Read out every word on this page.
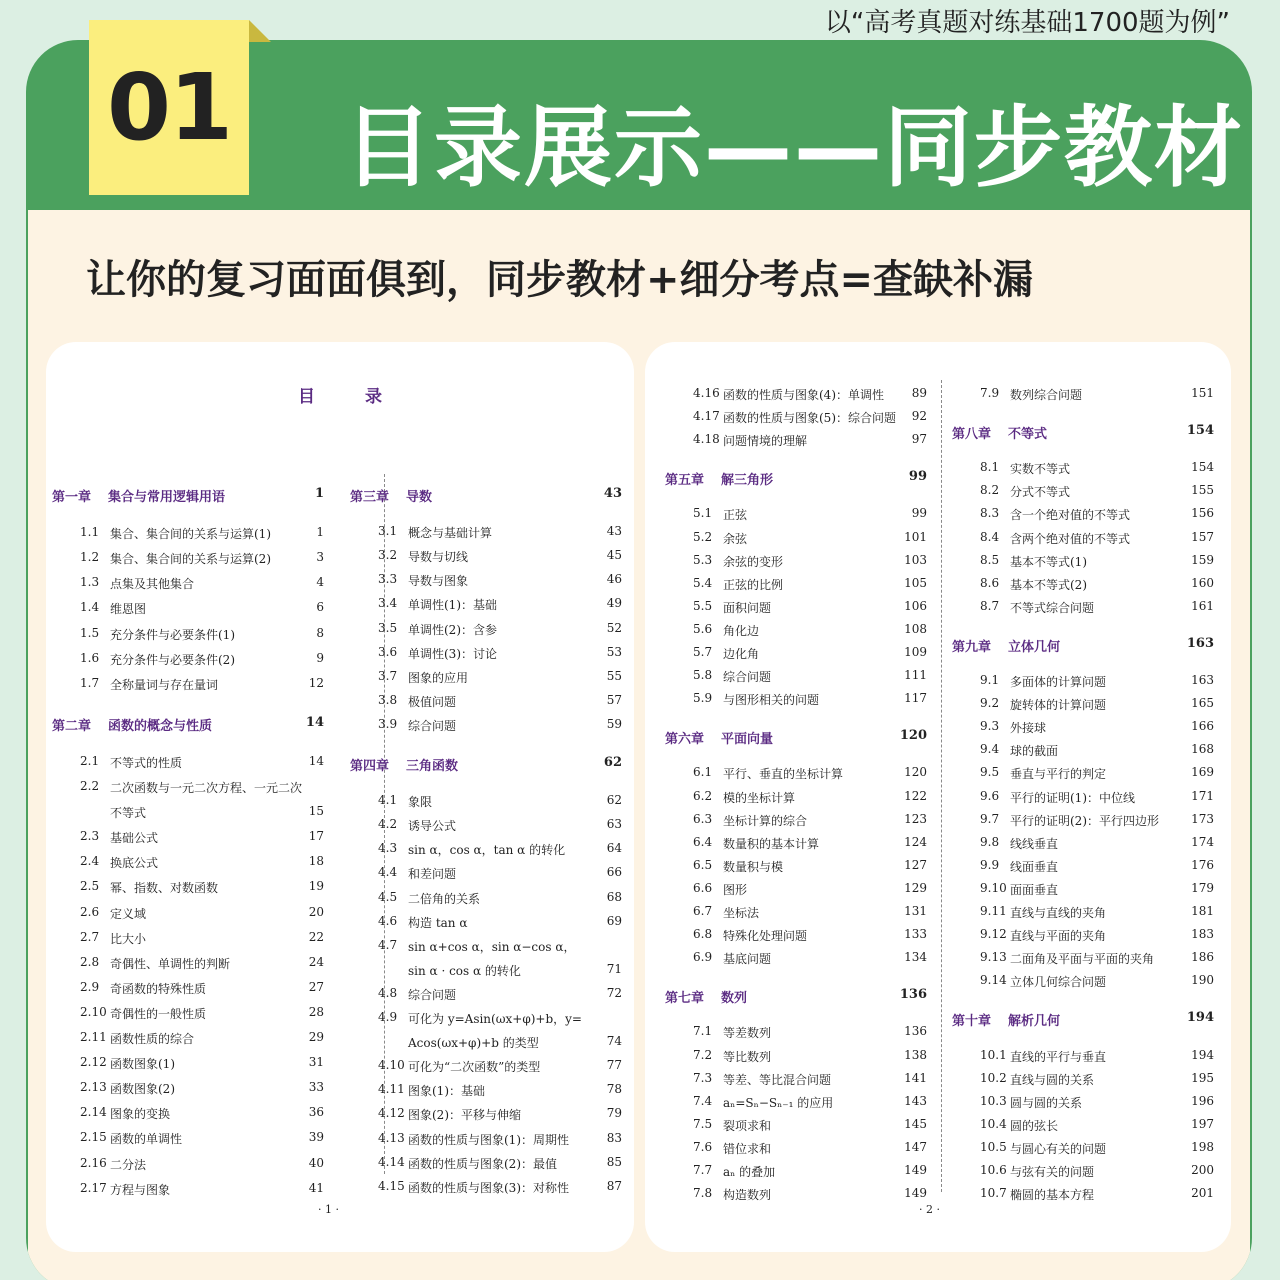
以“高考真题对练基础1700题为例”
01 目录展示——同步教材
让你的复习面面俱到，同步教材+细分考点=查缺补漏
目 录
第一章 集合与常用逻辑用语	1
1.1 集合、集合间的关系与运算(1)	1
1.2 集合、集合间的关系与运算(2)	3
1.3 点集及其他集合	4
1.4 维恩图	6
1.5 充分条件与必要条件(1)	8
1.6 充分条件与必要条件(2)	9
1.7 全称量词与存在量词	12
第二章 函数的概念与性质	14
2.1 不等式的性质	14
2.2 二次函数与一元二次方程、一元二次
不等式	15
2.3 基础公式	17
2.4 换底公式	18
2.5 幂、指数、对数函数	19
2.6 定义域	20
2.7 比大小	22
2.8 奇偶性、单调性的判断	24
2.9 奇函数的特殊性质	27
2.10 奇偶性的一般性质	28
2.11 函数性质的综合	29
2.12 函数图象(1)	31
2.13 函数图象(2)	33
2.14 图象的变换	36
2.15 函数的单调性	39
2.16 二分法	40
2.17 方程与图象	41
第三章 导数	43
3.1 概念与基础计算	43
3.2 导数与切线	45
3.3 导数与图象	46
3.4 单调性(1)：基础	49
3.5 单调性(2)：含参	52
3.6 单调性(3)：讨论	53
3.7 图象的应用	55
3.8 极值问题	57
3.9 综合问题	59
第四章 三角函数	62
4.1 象限	62
4.2 诱导公式	63
4.3 sin α，cos α，tan α 的转化	64
4.4 和差问题	66
4.5 二倍角的关系	68
4.6 构造 tan α	69
4.7 sin α+cos α，sin α−cos α，
sin α · cos α 的转化	71
4.8 综合问题	72
4.9 可化为 y=Asin(ωx+φ)+b，y=
Acos(ωx+φ)+b 的类型	74
4.10 可化为“二次函数”的类型	77
4.11 图象(1)：基础	78
4.12 图象(2)：平移与伸缩	79
4.13 函数的性质与图象(1)：周期性	83
4.14 函数的性质与图象(2)：最值	85
4.15 函数的性质与图象(3)：对称性	87
· 1 ·
4.16 函数的性质与图象(4)：单调性 89
4.17 函数的性质与图象(5)：综合问题 92
4.18 问题情境的理解	97
第五章 解三角形	99
5.1 正弦	99
5.2 余弦	101
5.3 余弦的变形	103
5.4 正弦的比例	105
5.5 面积问题	106
5.6 角化边	108
5.7 边化角	109
5.8 综合问题	111
5.9 与图形相关的问题	117
第六章 平面向量	120
6.1 平行、垂直的坐标计算	120
6.2 模的坐标计算	122
6.3 坐标计算的综合	123
6.4 数量积的基本计算	124
6.5 数量积与模	127
6.6 图形	129
6.7 坐标法	131
6.8 特殊化处理问题	133
6.9 基底问题	134
第七章 数列	136
7.1 等差数列	136
7.2 等比数列	138
7.3 等差、等比混合问题	141
7.4 aₙ=Sₙ−Sₙ₋₁ 的应用	143
7.5 裂项求和	145
7.6 错位求和	147
7.7 aₙ 的叠加	149
7.8 构造数列	149
7.9 数列综合问题	151
第八章 不等式	154
8.1 实数不等式	154
8.2 分式不等式	155
8.3 含一个绝对值的不等式	156
8.4 含两个绝对值的不等式	157
8.5 基本不等式(1)	159
8.6 基本不等式(2)	160
8.7 不等式综合问题	161
第九章 立体几何	163
9.1 多面体的计算问题	163
9.2 旋转体的计算问题	165
9.3 外接球	166
9.4 球的截面	168
9.5 垂直与平行的判定	169
9.6 平行的证明(1)：中位线	171
9.7 平行的证明(2)：平行四边形	173
9.8 线线垂直	174
9.9 线面垂直	176
9.10 面面垂直	179
9.11 直线与直线的夹角	181
9.12 直线与平面的夹角	183
9.13 二面角及平面与平面的夹角	186
9.14 立体几何综合问题	190
第十章 解析几何	194
10.1 直线的平行与垂直	194
10.2 直线与圆的关系	195
10.3 圆与圆的关系	196
10.4 圆的弦长	197
10.5 与圆心有关的问题	198
10.6 与弦有关的问题	200
10.7 椭圆的基本方程	201
· 2 ·
